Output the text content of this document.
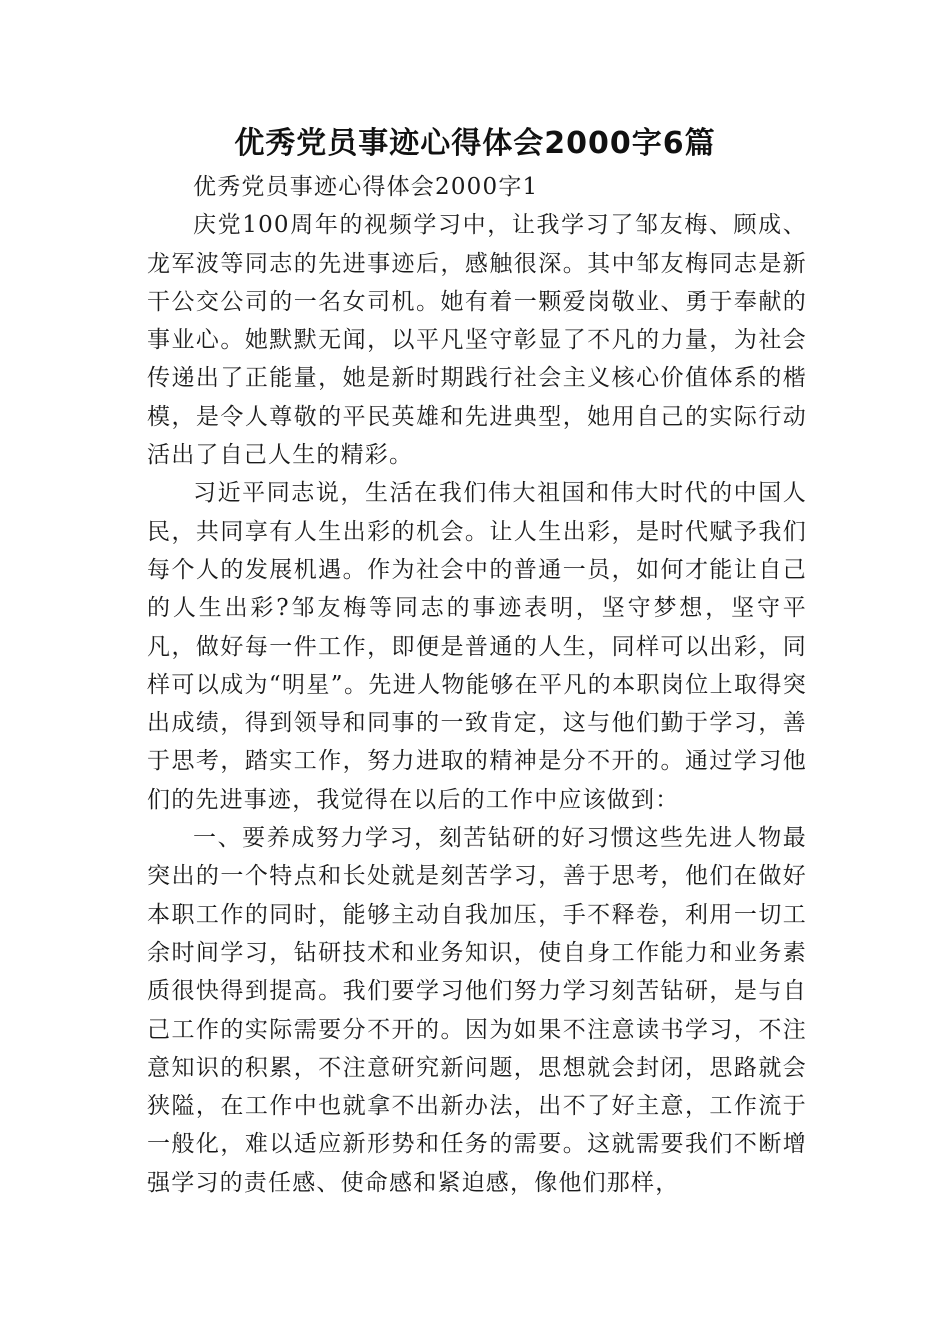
优秀党员事迹心得体会2000字6篇

优秀党员事迹心得体会2000字1

庆党100周年的视频学习中，让我学习了邹友梅、顾成、龙军波等同志的先进事迹后，感触很深。其中邹友梅同志是新干公交公司的一名女司机。她有着一颗爱岗敬业、勇于奉献的事业心。她默默无闻，以平凡坚守彰显了不凡的力量，为社会传递出了正能量，她是新时期践行社会主义核心价值体系的楷模，是令人尊敬的平民英雄和先进典型，她用自己的实际行动活出了自己人生的精彩。

习近平同志说，生活在我们伟大祖国和伟大时代的中国人民，共同享有人生出彩的机会。让人生出彩，是时代赋予我们每个人的发展机遇。作为社会中的普通一员，如何才能让自己的人生出彩?邹友梅等同志的事迹表明，坚守梦想，坚守平凡，做好每一件工作，即便是普通的人生，同样可以出彩，同样可以成为“明星”。先进人物能够在平凡的本职岗位上取得突出成绩，得到领导和同事的一致肯定，这与他们勤于学习，善于思考，踏实工作，努力进取的精神是分不开的。通过学习他们的先进事迹，我觉得在以后的工作中应该做到：

一、要养成努力学习，刻苦钻研的好习惯这些先进人物最突出的一个特点和长处就是刻苦学习，善于思考，他们在做好本职工作的同时，能够主动自我加压，手不释卷，利用一切工余时间学习，钻研技术和业务知识，使自身工作能力和业务素质很快得到提高。我们要学习他们努力学习刻苦钻研，是与自己工作的实际需要分不开的。因为如果不注意读书学习，不注意知识的积累，不注意研究新问题，思想就会封闭，思路就会狭隘，在工作中也就拿不出新办法，出不了好主意，工作流于一般化，难以适应新形势和任务的需要。这就需要我们不断增强学习的责任感、使命感和紧迫感，像他们那样，
